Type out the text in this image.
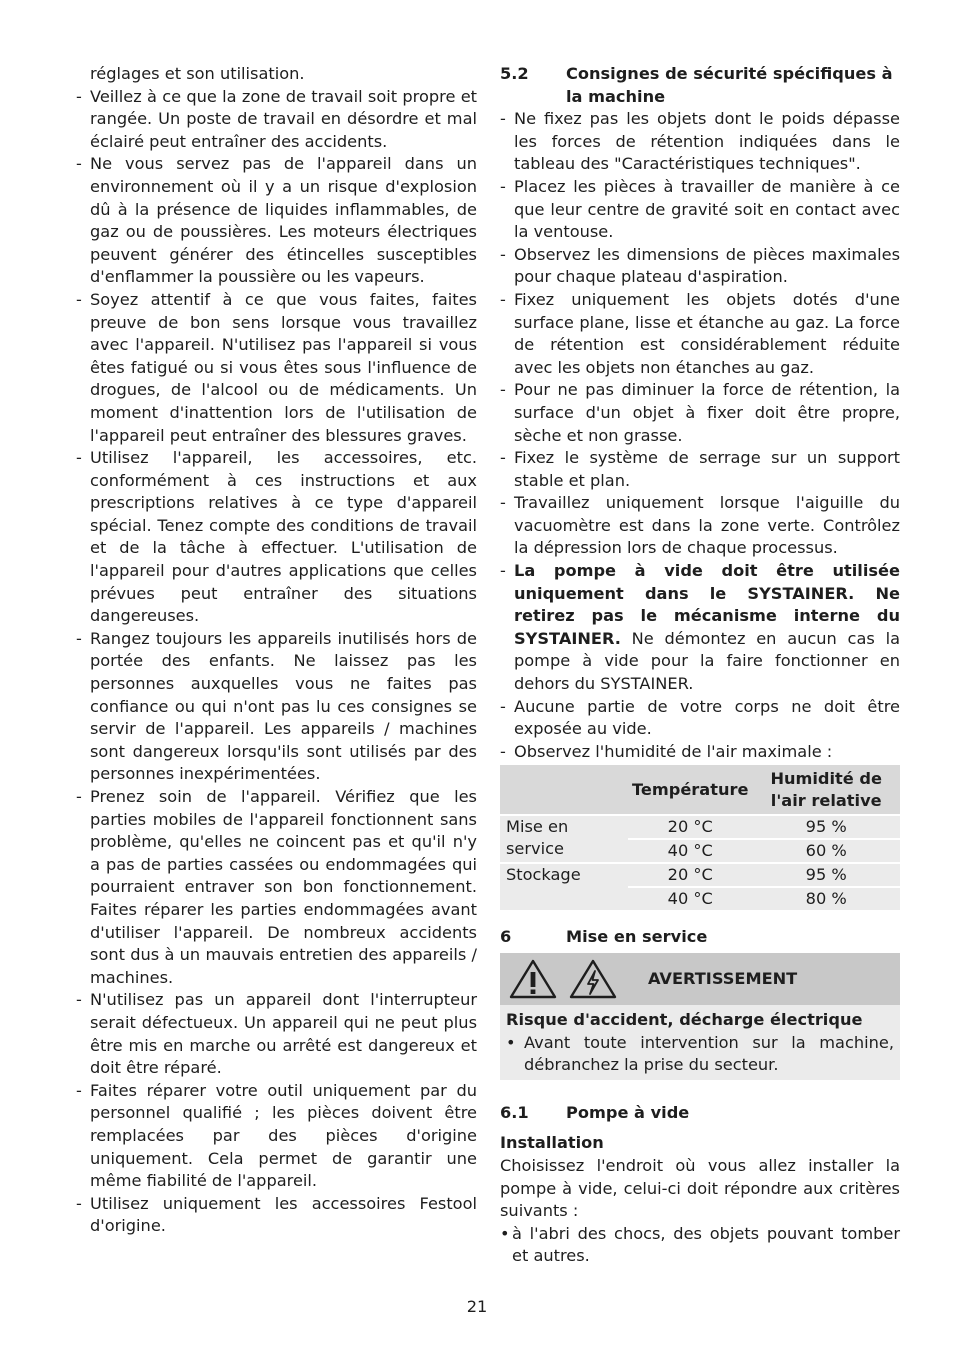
réglages et son utilisation.

- Veillez à ce que la zone de travail soit propre et rangée. Un poste de travail en désordre et mal éclairé peut entraîner des accidents.
- Ne vous servez pas de l'appareil dans un environnement où il y a un risque d'explosion dû à la présence de liquides inflammables, de gaz ou de poussières. Les moteurs électriques peuvent générer des étincelles susceptibles d'enflammer la poussière ou les vapeurs.
- Soyez attentif à ce que vous faites, faites preuve de bon sens lorsque vous travaillez avec l'appareil. N'utilisez pas l'appareil si vous êtes fatigué ou si vous êtes sous l'influence de drogues, de l'alcool ou de médicaments. Un moment d'inattention lors de l'utilisation de l'appareil peut entraîner des blessures graves.
- Utilisez l'appareil, les accessoires, etc. conformément à ces instructions et aux prescriptions relatives à ce type d'appareil spécial. Tenez compte des conditions de travail et de la tâche à effectuer. L'utilisation de l'appareil pour d'autres applications que celles prévues peut entraîner des situations dangereuses.
- Rangez toujours les appareils inutilisés hors de portée des enfants. Ne laissez pas les personnes auxquelles vous ne faites pas confiance ou qui n'ont pas lu ces consignes se servir de l'appareil. Les appareils / machines sont dangereux lorsqu'ils sont utilisés par des personnes inexpérimentées.
- Prenez soin de l'appareil. Vérifiez que les parties mobiles de l'appareil fonctionnent sans problème, qu'elles ne coincent pas et qu'il n'y a pas de parties cassées ou endommagées qui pourraient entraver son bon fonctionnement. Faites réparer les parties endommagées avant d'utiliser l'appareil. De nombreux accidents sont dus à un mauvais entretien des appareils / machines.
- N'utilisez pas un appareil dont l'interrupteur serait défectueux. Un appareil qui ne peut plus être mis en marche ou arrêté est dangereux et doit être réparé.
- Faites réparer votre outil uniquement par du personnel qualifié ; les pièces doivent être remplacées par des pièces d'origine uniquement. Cela permet de garantir une même fiabilité de l'appareil.
- Utilisez uniquement les accessoires Festool d'origine.
5.2	Consignes de sécurité spécifiques à la machine
- Ne fixez pas les objets dont le poids dépasse les forces de rétention indiquées dans le tableau des "Caractéristiques techniques".
- Placez les pièces à travailler de manière à ce que leur centre de gravité soit en contact avec la ventouse.
- Observez les dimensions de pièces maximales pour chaque plateau d'aspiration.
- Fixez uniquement les objets dotés d'une surface plane, lisse et étanche au gaz. La force de rétention est considérablement réduite avec les objets non étanches au gaz.
- Pour ne pas diminuer la force de rétention, la surface d'un objet à fixer doit être propre, sèche et non grasse.
- Fixez le système de serrage sur un support stable et plan.
- Travaillez uniquement lorsque l'aiguille du vacuomètre est dans la zone verte. Contrôlez la dépression lors de chaque processus.
- La pompe à vide doit être utilisée uniquement dans le SYSTAINER. Ne retirez pas le mécanisme interne du SYSTAINER. Ne démontez en aucun cas la pompe à vide pour la faire fonctionner en dehors du SYSTAINER.
- Aucune partie de votre corps ne doit être exposée au vide.
- Observez l'humidité de l'air maximale :
	Température	Humidité de l'air relative
Mise en service	20 °C	95 %
	40 °C	60 %
Stockage	20 °C	95 %
	40 °C	80 %
6	Mise en service
AVERTISSEMENT
Risque d'accident, décharge électrique
• Avant toute intervention sur la machine, débranchez la prise du secteur.
6.1	Pompe à vide
Installation

Choisissez l'endroit où vous allez installer la pompe à vide, celui-ci doit répondre aux critères suivants :

• à l'abri des chocs, des objets pouvant tomber et autres.
21
